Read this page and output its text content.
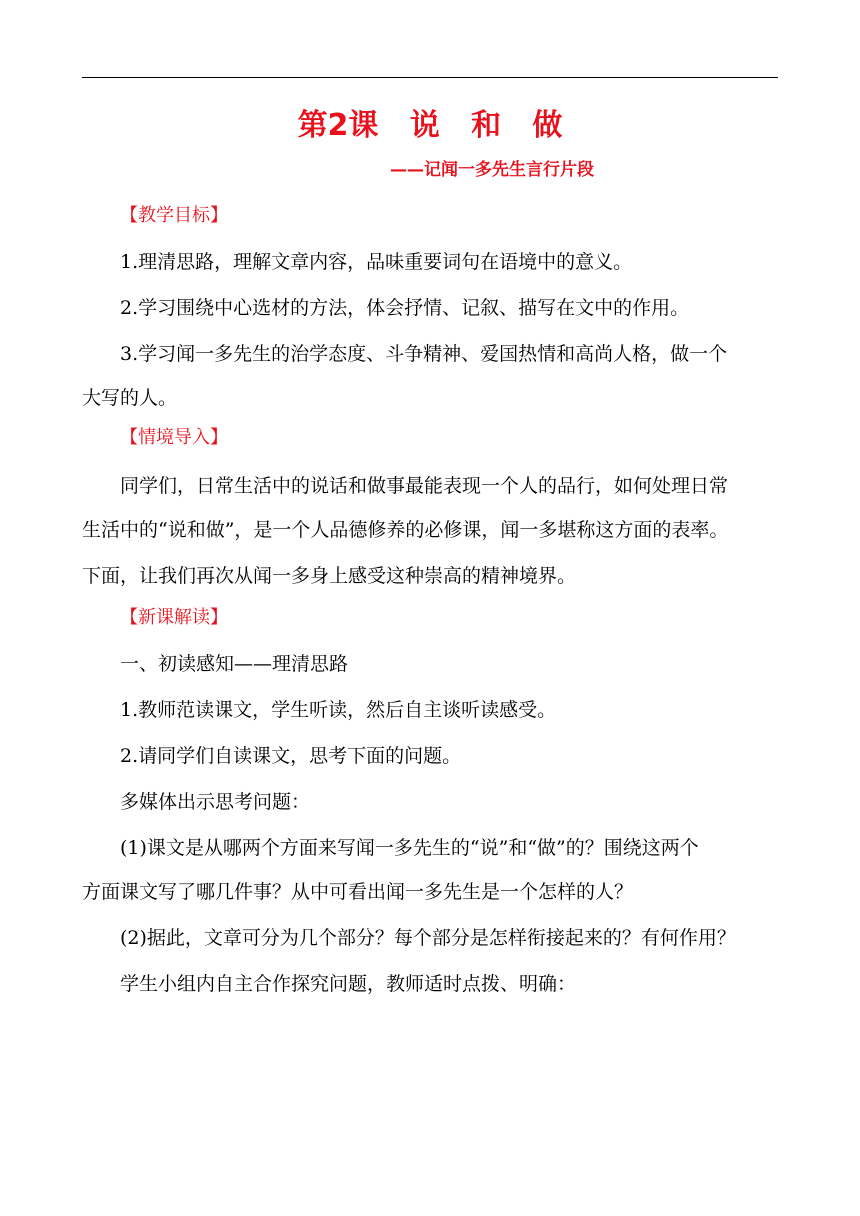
第2课   说   和   做
——记闻一多先生言行片段
【教学目标】
1.理清思路，理解文章内容，品味重要词句在语境中的意义。
2.学习围绕中心选材的方法，体会抒情、记叙、描写在文中的作用。
3.学习闻一多先生的治学态度、斗争精神、爱国热情和高尚人格，做一个
大写的人。
【情境导入】
同学们，日常生活中的说话和做事最能表现一个人的品行，如何处理日常
生活中的“说和做”，是一个人品德修养的必修课，闻一多堪称这方面的表率。
下面，让我们再次从闻一多身上感受这种崇高的精神境界。
【新课解读】
一、初读感知——理清思路
1.教师范读课文，学生听读，然后自主谈听读感受。
2.请同学们自读课文，思考下面的问题。
多媒体出示思考问题：
(1)课文是从哪两个方面来写闻一多先生的“说”和“做”的？围绕这两个
方面课文写了哪几件事？从中可看出闻一多先生是一个怎样的人？
(2)据此，文章可分为几个部分？每个部分是怎样衔接起来的？有何作用？
学生小组内自主合作探究问题，教师适时点拨、明确：
